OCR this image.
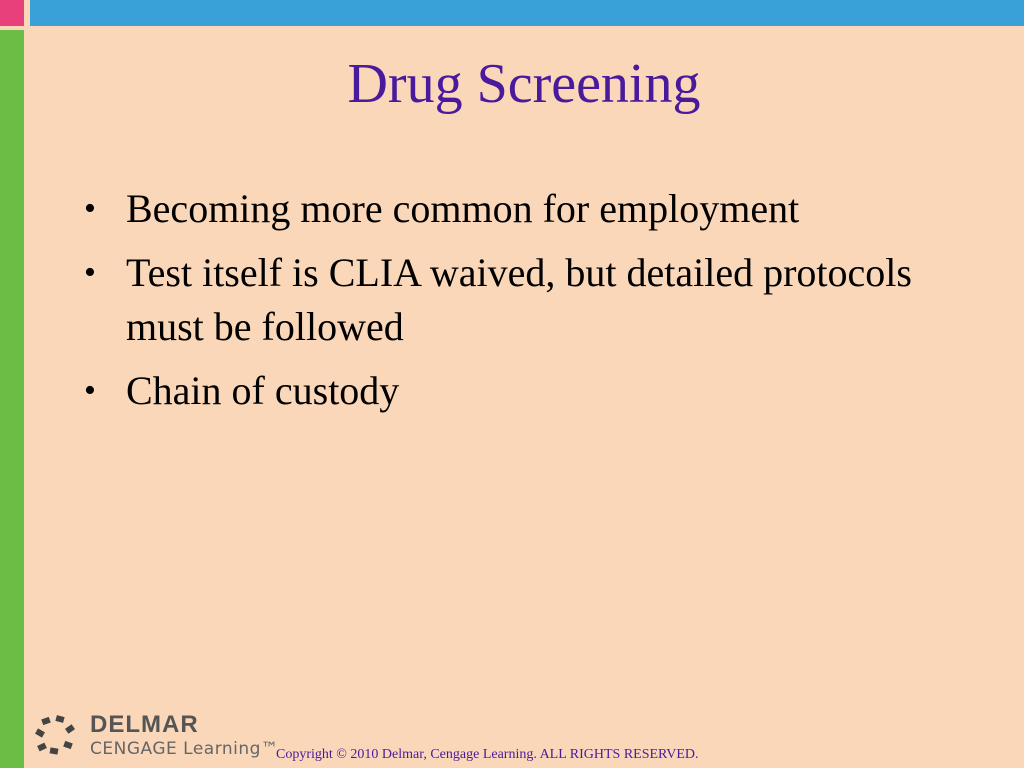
Drug Screening
• Becoming more common for employment
• Test itself is CLIA waived, but detailed protocols must be followed
• Chain of custody
DELMAR
CENGAGE Learning™
Copyright © 2010 Delmar, Cengage Learning. ALL RIGHTS RESERVED.
